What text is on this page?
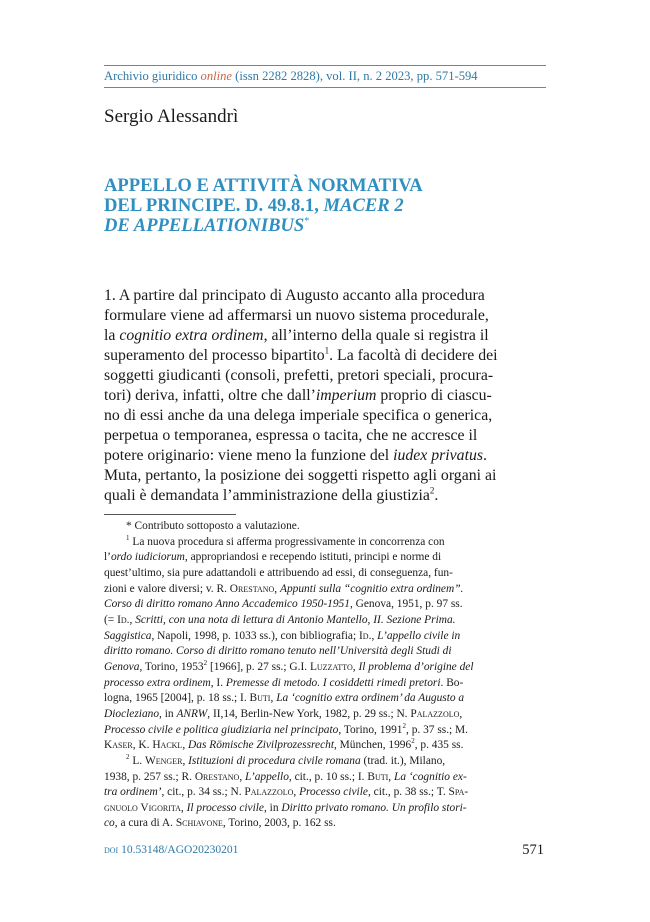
Archivio giuridico online (issn 2282 2828), vol. II, n. 2 2023, pp. 571-594
Sergio Alessandrì
APPELLO E ATTIVITÀ NORMATIVA
DEL PRINCIPE. D. 49.8.1, MACER 2
DE APPELLATIONIBUS*
1. A partire dal principato di Augusto accanto alla procedura
formulare viene ad affermarsi un nuovo sistema procedurale,
la cognitio extra ordinem, all’interno della quale si registra il
superamento del processo bipartito$^1$. La facoltà di decidere dei
soggetti giudicanti (consoli, prefetti, pretori speciali, procura-
tori) deriva, infatti, oltre che dall’imperium proprio di ciascu-
no di essi anche da una delega imperiale specifica o generica,
perpetua o temporanea, espressa o tacita, che ne accresce il
potere originario: viene meno la funzione del iudex privatus.
Muta, pertanto, la posizione dei soggetti rispetto agli organi ai
quali è demandata l’amministrazione della giustizia$^2$.
* Contributo sottoposto a valutazione.
$^1$ La nuova procedura si afferma progressivamente in concorrenza con
l’ordo iudiciorum, appropriandosi e recependo istituti, principi e norme di
quest’ultimo, sia pure adattandoli e attribuendo ad essi, di conseguenza, fun-
zioni e valore diversi; v. R. Orestano, Appunti sulla “cognitio extra ordinem”.
Corso di diritto romano Anno Accademico 1950-1951, Genova, 1951, p. 97 ss.
(= Id., Scritti, con una nota di lettura di Antonio Mantello, II. Sezione Prima.
Saggistica, Napoli, 1998, p. 1033 ss.), con bibliografia; Id., L’appello civile in
diritto romano. Corso di diritto romano tenuto nell’Università degli Studi di
Genova, Torino, 1953$^2$ [1966], p. 27 ss.; G.I. Luzzatto, Il problema d’origine del
processo extra ordinem, I. Premesse di metodo. I cosiddetti rimedi pretori. Bo-
logna, 1965 [2004], p. 18 ss.; I. Buti, La ‘cognitio extra ordinem’ da Augusto a
Diocleziano, in ANRW, II,14, Berlin-New York, 1982, p. 29 ss.; N. Palazzolo,
Processo civile e politica giudiziaria nel principato, Torino, 1991$^2$, p. 37 ss.; M.
Kaser, K. Hackl, Das Römische Zivilprozessrecht, München, 1996$^2$, p. 435 ss.
$^2$ L. Wenger, Istituzioni di procedura civile romana (trad. it.), Milano,
1938, p. 257 ss.; R. Orestano, L’appello, cit., p. 10 ss.; I. Buti, La ‘cognitio ex-
tra ordinem’, cit., p. 34 ss.; N. Palazzolo, Processo civile, cit., p. 38 ss.; T. Spa-
gnuolo Vigorita, Il processo civile, in Diritto privato romano. Un profilo stori-
co, a cura di A. Schiavone, Torino, 2003, p. 162 ss.
doi 10.53148/AGO20230201	571
